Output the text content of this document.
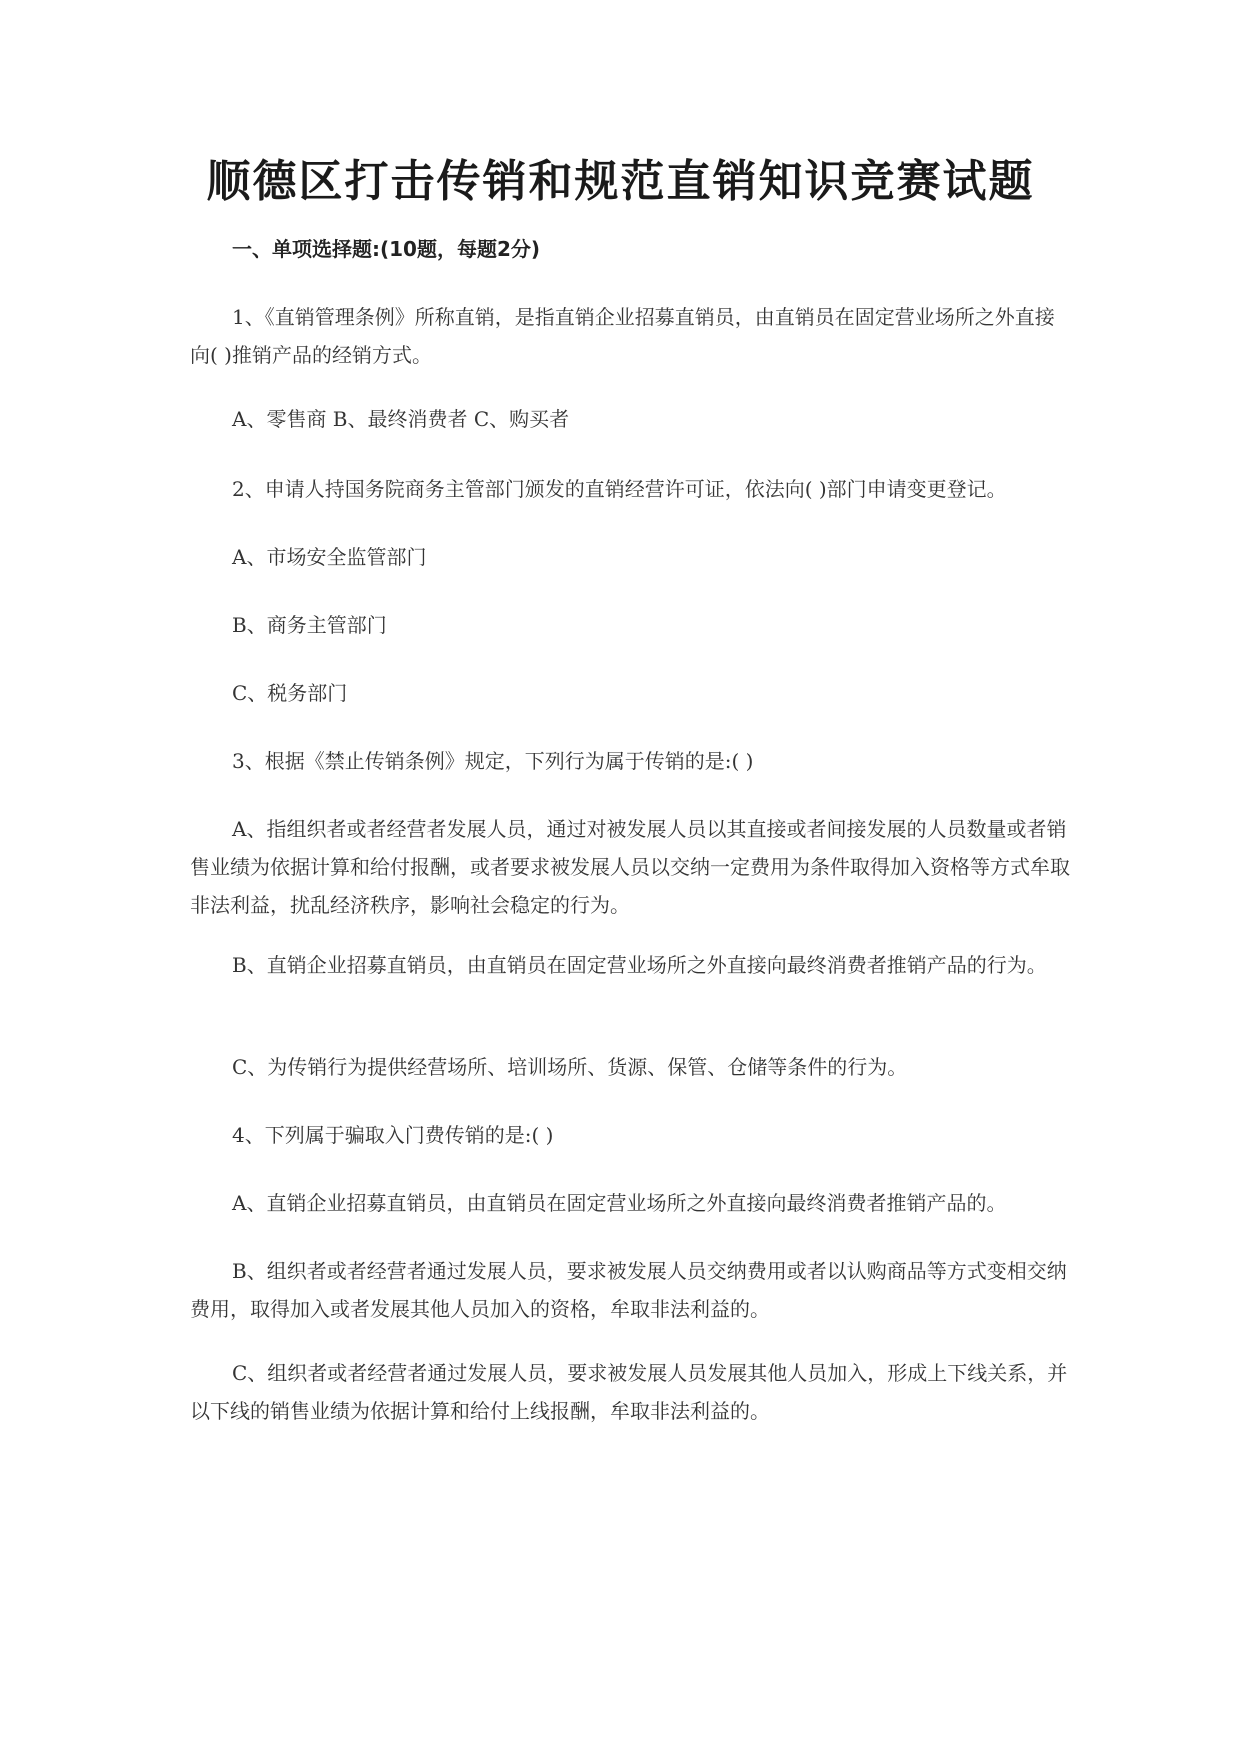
顺德区打击传销和规范直销知识竞赛试题

一、单项选择题:(10题，每题2分)

1、《直销管理条例》所称直销，是指直销企业招募直销员，由直销员在固定营业场所之外直接向( )推销产品的经销方式。

A、零售商 B、最终消费者 C、购买者

2、申请人持国务院商务主管部门颁发的直销经营许可证，依法向( )部门申请变更登记。

A、市场安全监管部门

B、商务主管部门

C、税务部门

3、根据《禁止传销条例》规定，下列行为属于传销的是:( )

A、指组织者或者经营者发展人员，通过对被发展人员以其直接或者间接发展的人员数量或者销售业绩为依据计算和给付报酬，或者要求被发展人员以交纳一定费用为条件取得加入资格等方式牟取非法利益，扰乱经济秩序，影响社会稳定的行为。

B、直销企业招募直销员，由直销员在固定营业场所之外直接向最终消费者推销产品的行为。

C、为传销行为提供经营场所、培训场所、货源、保管、仓储等条件的行为。

4、下列属于骗取入门费传销的是:( )

A、直销企业招募直销员，由直销员在固定营业场所之外直接向最终消费者推销产品的。

B、组织者或者经营者通过发展人员，要求被发展人员交纳费用或者以认购商品等方式变相交纳费用，取得加入或者发展其他人员加入的资格，牟取非法利益的。

C、组织者或者经营者通过发展人员，要求被发展人员发展其他人员加入，形成上下线关系，并以下线的销售业绩为依据计算和给付上线报酬，牟取非法利益的。
